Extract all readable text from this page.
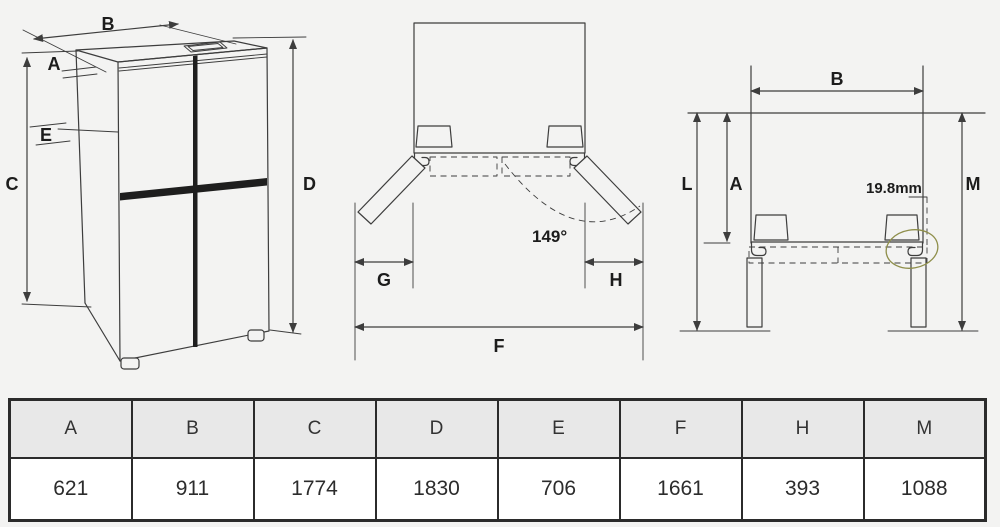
B
A
E
C	D
149°
G	H
F
B
19.8mm
L A	M
A	B	C	D	E	F	H	M
621	911	1774	1830	706	1661	393	1088
